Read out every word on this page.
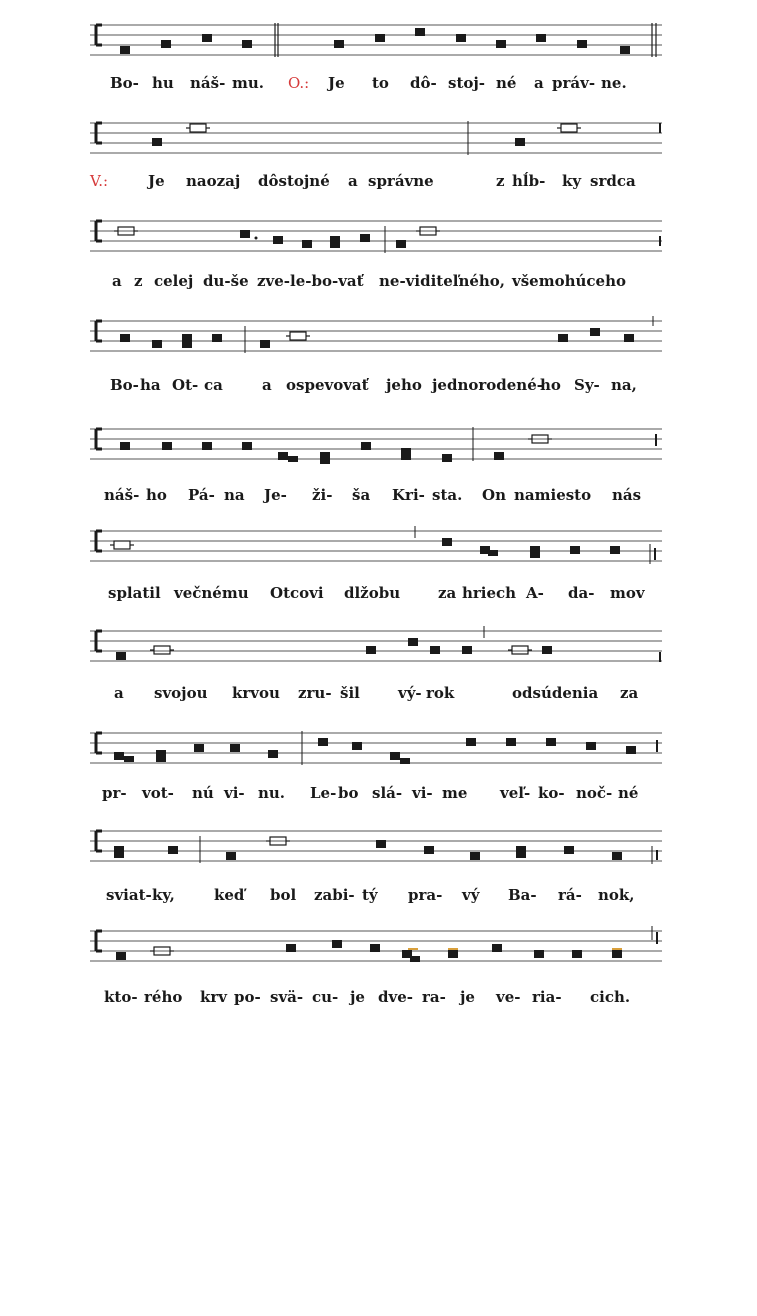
Bo-

hu

náš-

mu.

O.:

Je

to

dô-

stoj-

né

a

práv-

ne.

V.:

	Je

naozaj

dôstojné

a

správne

	z

hĺb-

ky

srdca

a

z

celej

du-še

zve-le-bo-vať

ne-viditeľného,

všemohúceho

Bo-

ha

Ot-

ca

	a

ospevovať

jeho

jednorodené-

ho

Sy-

na,

náš-

ho

Pá-

na

Je-

ži-

ša

Kri-

sta.

On

namiesto

nás

splatil

večnému

Otcovi

dlžobu

	za

hriech

A-

da-

mov

a

svojou

krvou

zru-

šil

	vý-

rok

	odsúdenia

za

pr-

vot-

nú

vi-

nu.

Le-

bo

slá-

vi-

me

veľ-

ko-

noč-

né

sviat-

ky,

	keď

bol

zabi-

tý

pra-

vý

Ba-

rá-

nok,

kto-

rého

krv

po-

svä-

cu-

je

dve-

ra-

je

ve-

ria-

cich.
